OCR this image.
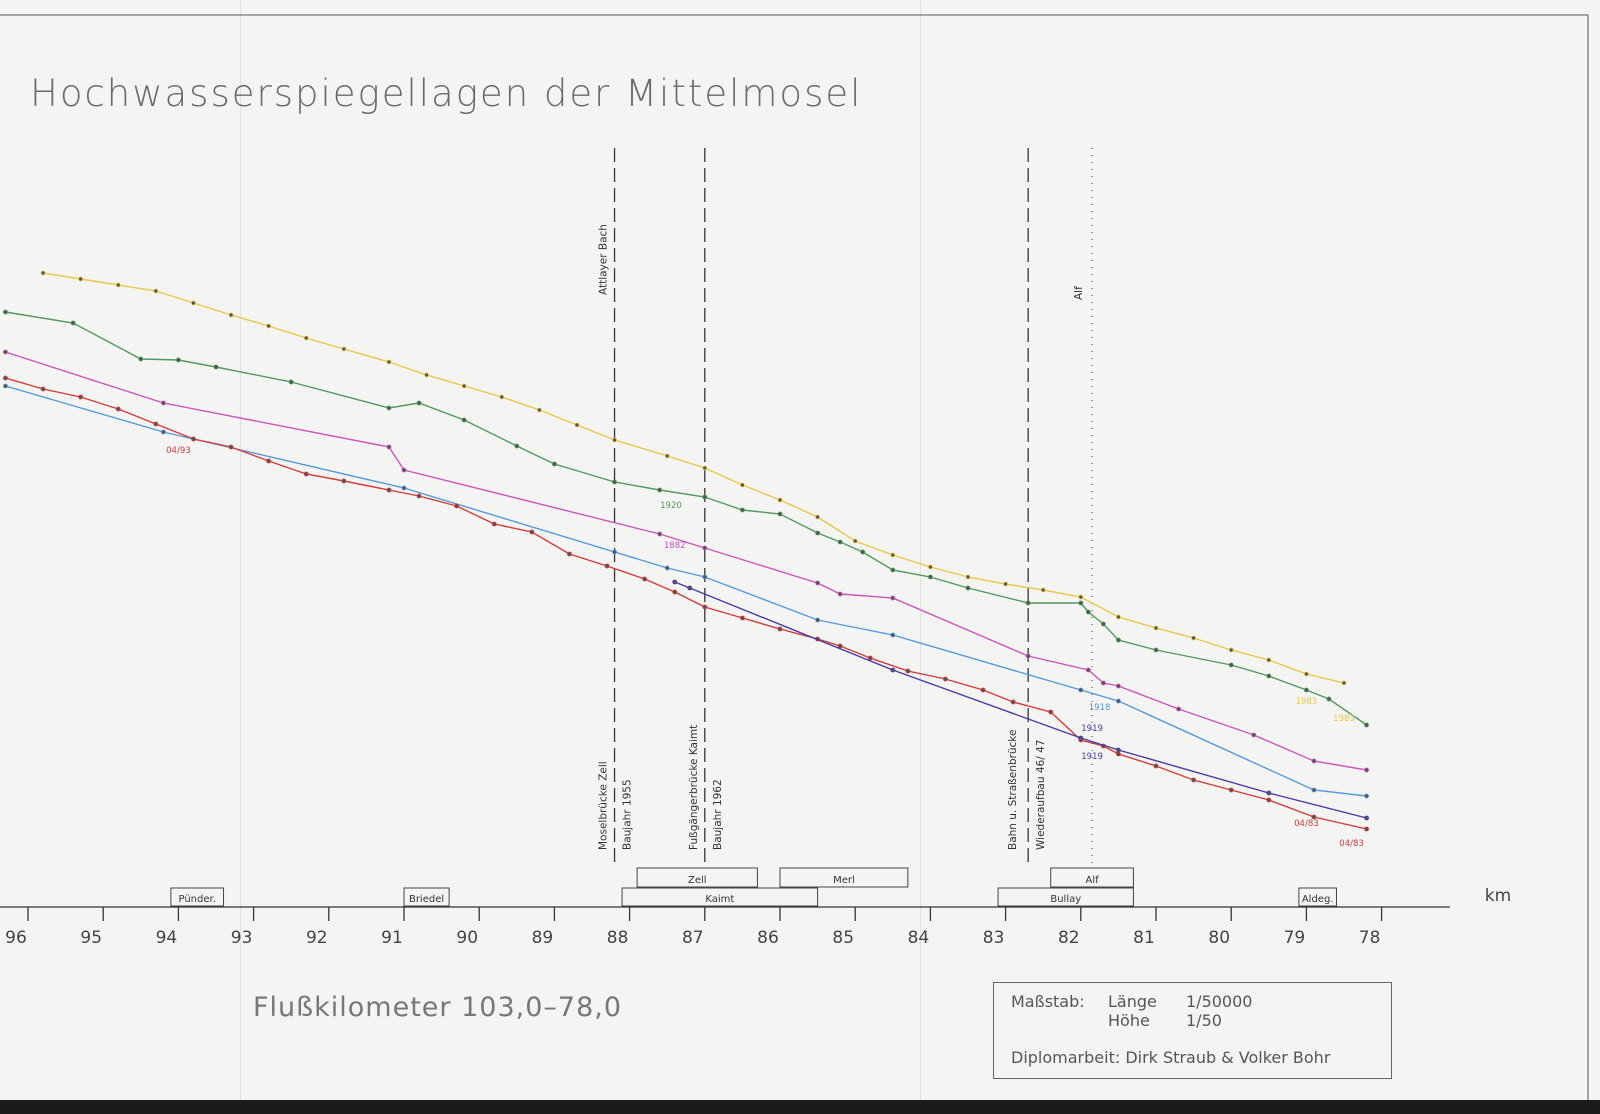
96	95	94	93	92	91	90	89	88	87	86	85	84	83	82	81	80	79	78
km
Pünder.	Briedel
Zell	Merl
Kaimt
Alf
Bullay	Aldeg.
Attlayer Bach
Moselbrücke Zell Baujahr 1955	Fußgängerbrücke Kaimt Baujahr 1962	Bahn u. Straßenbrücke Wiederaufbau 46/ 47
Alf
04/93
1920
1882
1918
1919
1919
1983
1983
04/83
04/83
Hochwasserspiegellagen der Mittelmosel
Flußkilometer 103,0–78,0	Maßstab: Länge 1/50000
Höhe 1/50
Diplomarbeit: Dirk Straub & Volker Bohr
